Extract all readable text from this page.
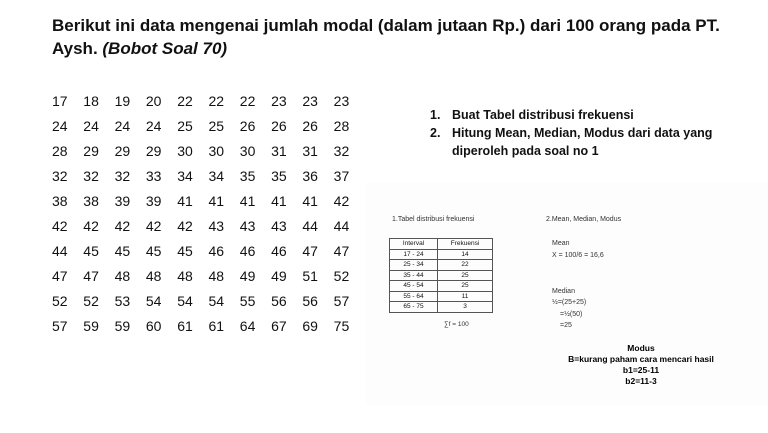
Berikut ini data mengenai jumlah modal (dalam jutaan Rp.) dari 100 orang pada PT. Aysh. (Bobot Soal 70)
17	18	19	20	22	22	22	23	23	23
24	24	24	24	25	25	26	26	26	28
28	29	29	29	30	30	30	31	31	32
32	32	32	33	34	34	35	35	36	37
38	38	39	39	41	41	41	41	41	42
42	42	42	42	42	43	43	43	44	44
44	45	45	45	45	46	46	46	47	47
47	47	48	48	48	48	49	49	51	52
52	52	53	54	54	54	55	56	56	57
57	59	59	60	61	61	64	67	69	75
1. Buat Tabel distribusi frekuensi
2. Hitung Mean, Median, Modus dari data yang diperoleh pada soal no 1
1.Tabel distribusi frekuensi	2.Mean, Median, Modus
Interval	Frekuensi
17 - 24	14
25 - 34	22
35 - 44	25
45 - 54	25
55 - 64	11
65 - 75	3
∑f = 100
Mean
X = 100/6 = 16,6
Median
½=(25+25)
=½(50)
=25
Modus
B=kurang paham cara mencari hasil
b1=25-11
b2=11-3
